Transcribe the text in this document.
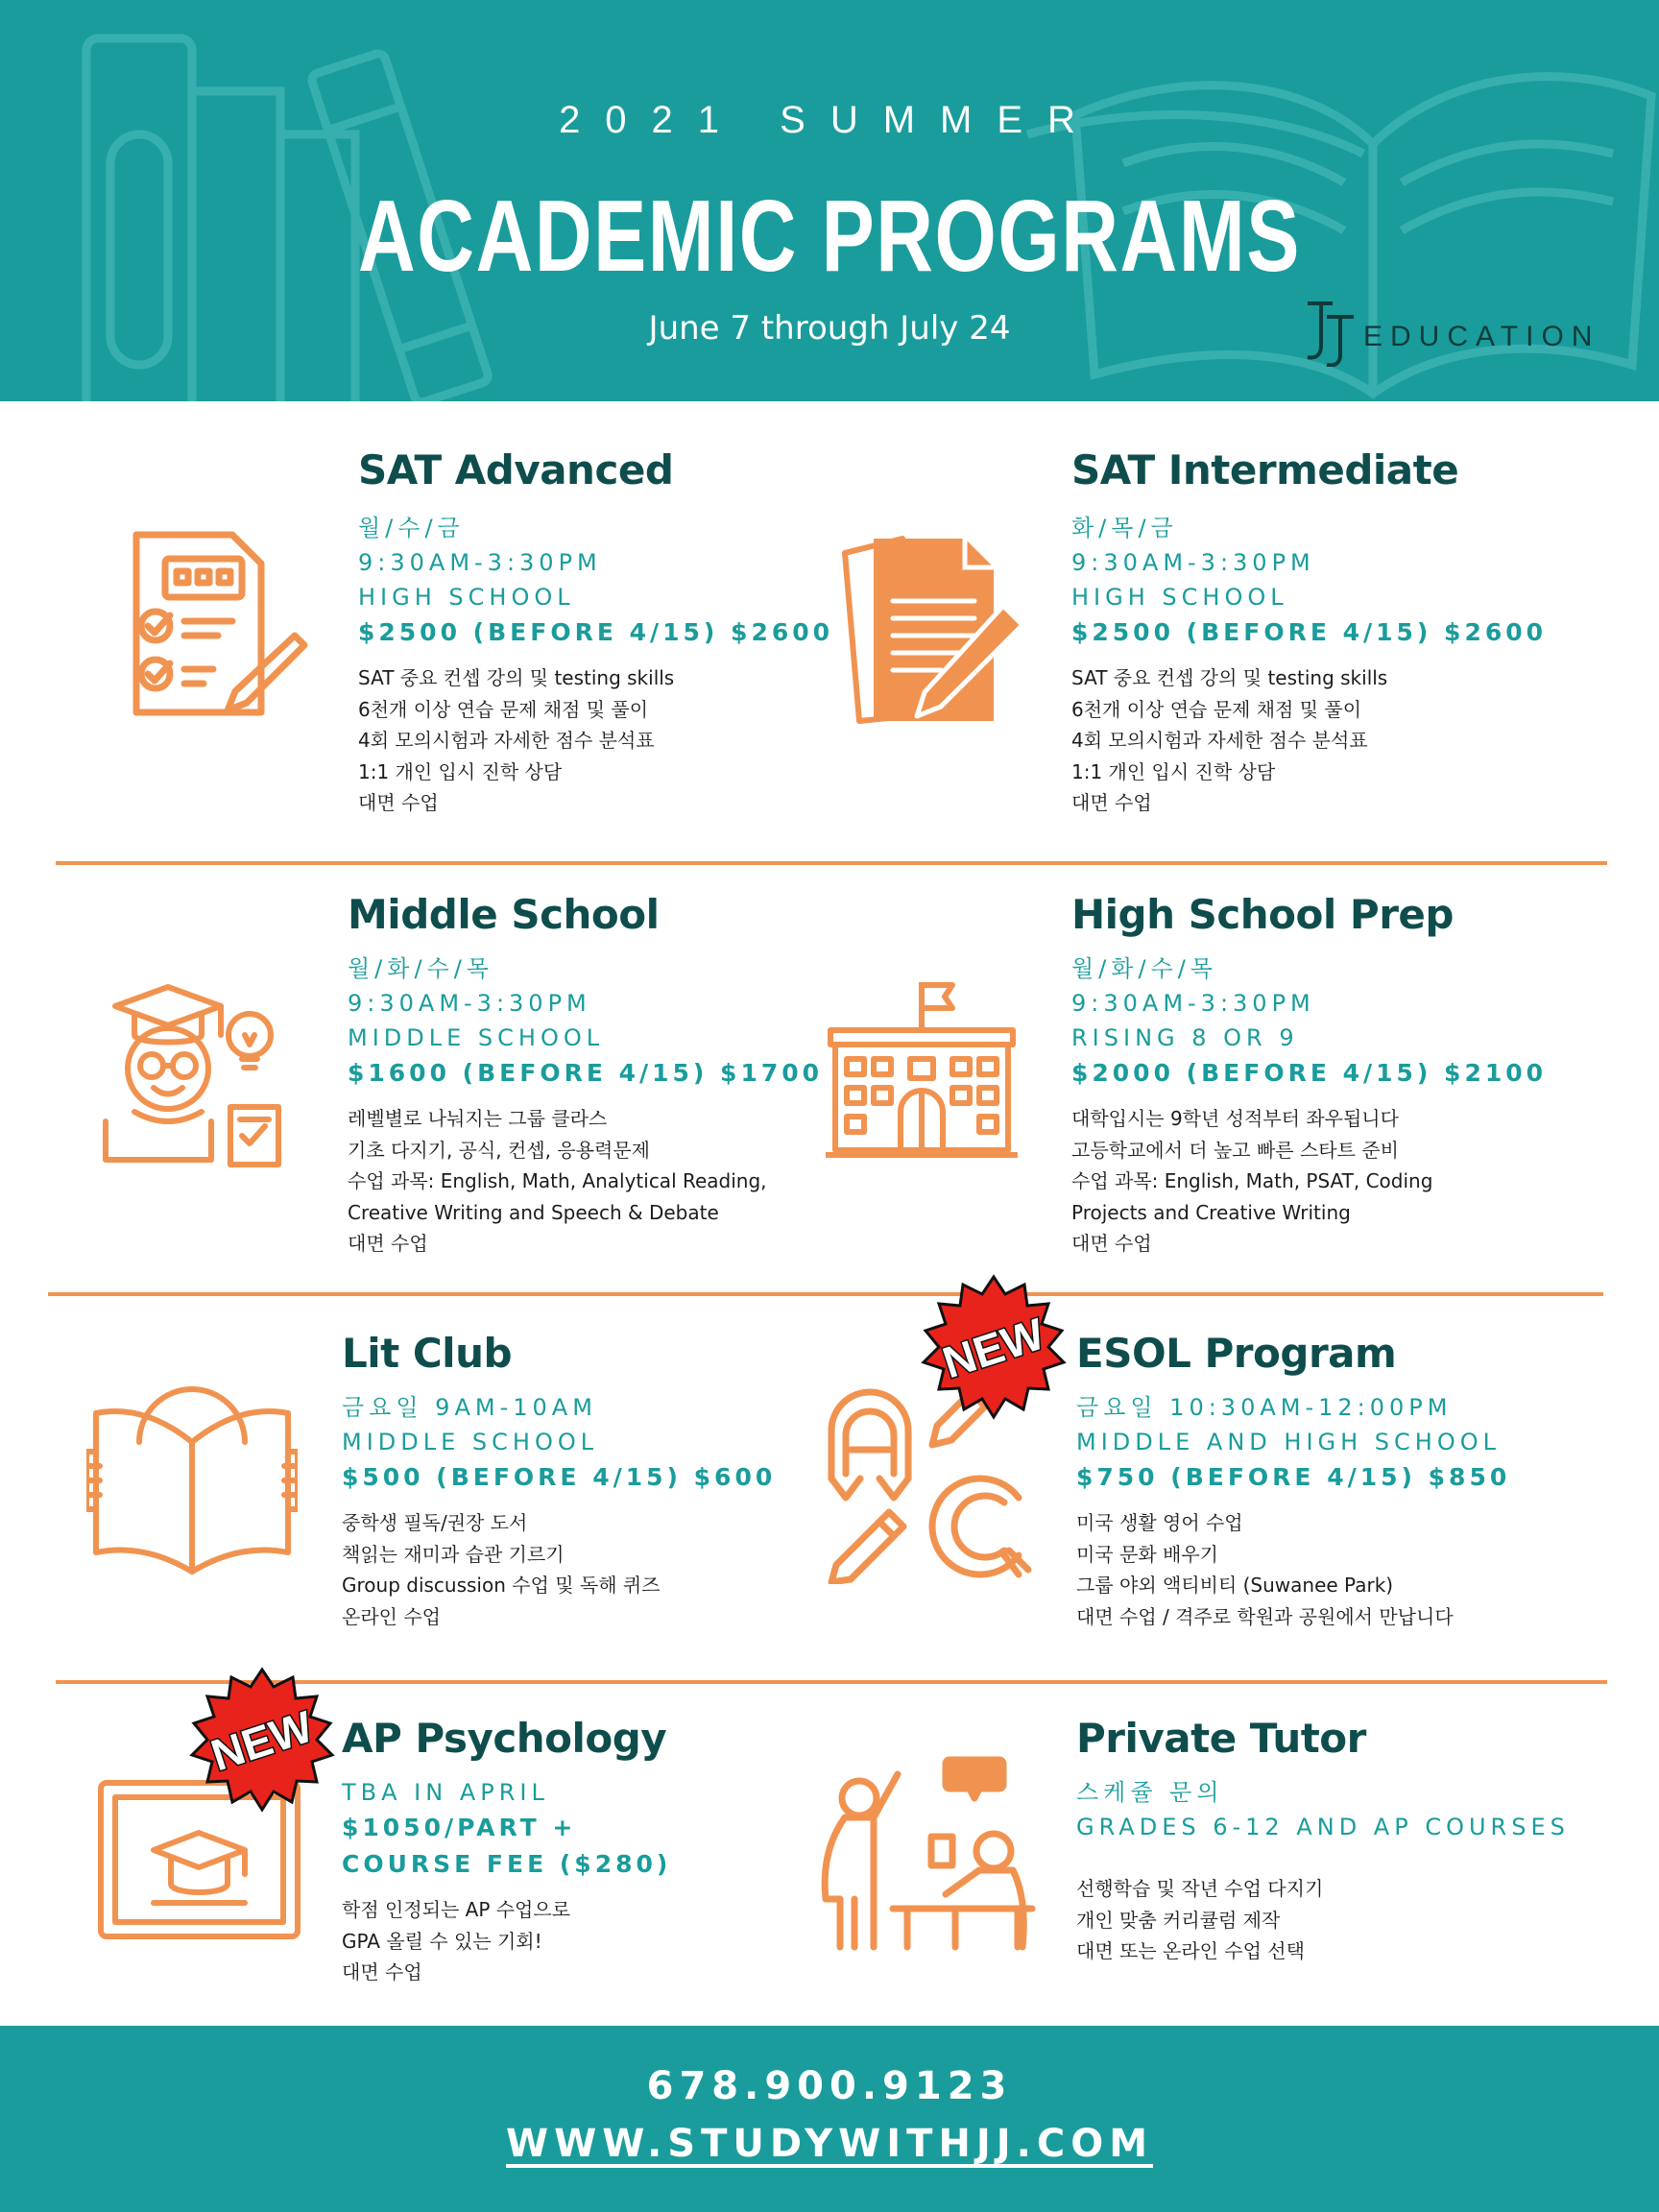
2021 SUMMER
ACADEMIC PROGRAMS
June 7 through July 24	EDUCATION
NEW
NEW
SAT Advanced
월/수/금
9:30AM-3:30PM
HIGH SCHOOL
$2500 (BEFORE 4/15) $2600
SAT 중요 컨셉 강의 및 testing skills
6천개 이상 연습 문제 채점 및 풀이
4회 모의시험과 자세한 점수 분석표
1:1 개인 입시 진학 상담
대면 수업
SAT Intermediate
화/목/금
9:30AM-3:30PM
HIGH SCHOOL
$2500 (BEFORE 4/15) $2600
SAT 중요 컨셉 강의 및 testing skills
6천개 이상 연습 문제 채점 및 풀이
4회 모의시험과 자세한 점수 분석표
1:1 개인 입시 진학 상담
대면 수업
Middle School
월/화/수/목
9:30AM-3:30PM
MIDDLE SCHOOL
$1600 (BEFORE 4/15) $1700
레벨별로 나눠지는 그룹 클라스
기초 다지기, 공식, 컨셉, 응용력문제
수업 과목: English, Math, Analytical Reading,
Creative Writing and Speech & Debate
대면 수업
High School Prep
월/화/수/목
9:30AM-3:30PM
RISING 8 OR 9
$2000 (BEFORE 4/15) $2100
대학입시는 9학년 성적부터 좌우됩니다
고등학교에서 더 높고 빠른 스타트 준비
수업 과목: English, Math, PSAT, Coding
Projects and Creative Writing
대면 수업
Lit Club
금요일 9AM-10AM
MIDDLE SCHOOL
$500 (BEFORE 4/15) $600
중학생 필독/권장 도서
책읽는 재미과 습관 기르기
Group discussion 수업 및 독해 퀴즈
온라인 수업
ESOL Program
금요일 10:30AM-12:00PM
MIDDLE AND HIGH SCHOOL
$750 (BEFORE 4/15) $850
미국 생활 영어 수업
미국 문화 배우기
그룹 야외 액티비티 (Suwanee Park)
대면 수업 / 격주로 학원과 공원에서 만납니다
AP Psychology
TBA IN APRIL
$1050/PART +
COURSE FEE ($280)
학점 인정되는 AP 수업으로
GPA 올릴 수 있는 기회!
대면 수업
Private Tutor
스케쥴 문의
GRADES 6-12 AND AP COURSES
선행학습 및 작년 수업 다지기
개인 맞춤 커리큘럼 제작
대면 또는 온라인 수업 선택
678.900.9123
WWW.STUDYWITHJJ.COM
